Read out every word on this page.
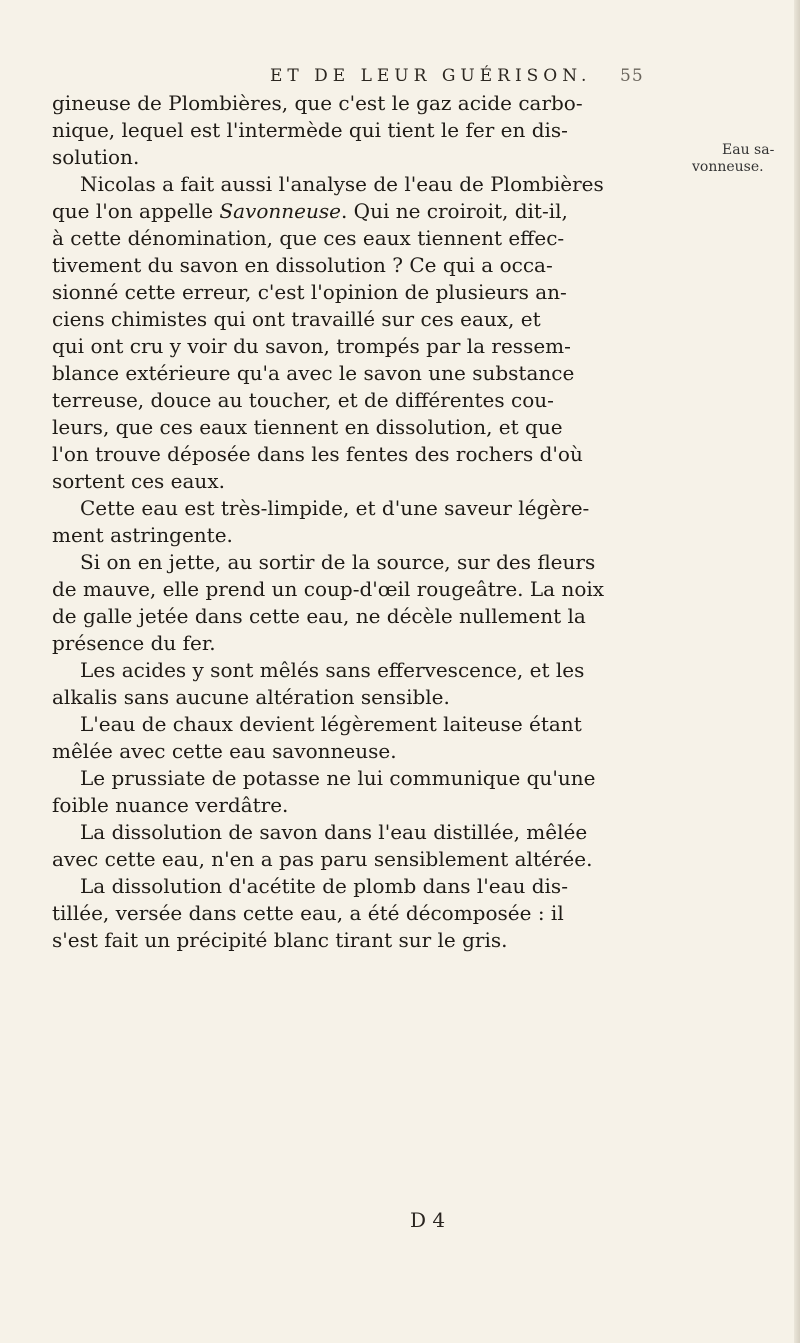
ET DE LEUR GUÉRISON. 55
Eau sa-
vonneuse.
gineuse de Plombières, que c'est le gaz acide carbo-
nique, lequel est l'intermède qui tient le fer en dis-
solution.
Nicolas a fait aussi l'analyse de l'eau de Plombières
que l'on appelle Savonneuse. Qui ne croiroit, dit-il,
à cette dénomination, que ces eaux tiennent effec-
tivement du savon en dissolution ? Ce qui a occa-
sionné cette erreur, c'est l'opinion de plusieurs an-
ciens chimistes qui ont travaillé sur ces eaux, et
qui ont cru y voir du savon, trompés par la ressem-
blance extérieure qu'a avec le savon une substance
terreuse, douce au toucher, et de différentes cou-
leurs, que ces eaux tiennent en dissolution, et que
l'on trouve déposée dans les fentes des rochers d'où
sortent ces eaux.
Cette eau est très-limpide, et d'une saveur légère-
ment astringente.
Si on en jette, au sortir de la source, sur des fleurs
de mauve, elle prend un coup-d'œil rougeâtre. La noix
de galle jetée dans cette eau, ne décèle nullement la
présence du fer.
Les acides y sont mêlés sans effervescence, et les
alkalis sans aucune altération sensible.
L'eau de chaux devient légèrement laiteuse étant
mêlée avec cette eau savonneuse.
Le prussiate de potasse ne lui communique qu'une
foible nuance verdâtre.
La dissolution de savon dans l'eau distillée, mêlée
avec cette eau, n'en a pas paru sensiblement altérée.
La dissolution d'acétite de plomb dans l'eau dis-
tillée, versée dans cette eau, a été décomposée : il
s'est fait un précipité blanc tirant sur le gris.
D 4
